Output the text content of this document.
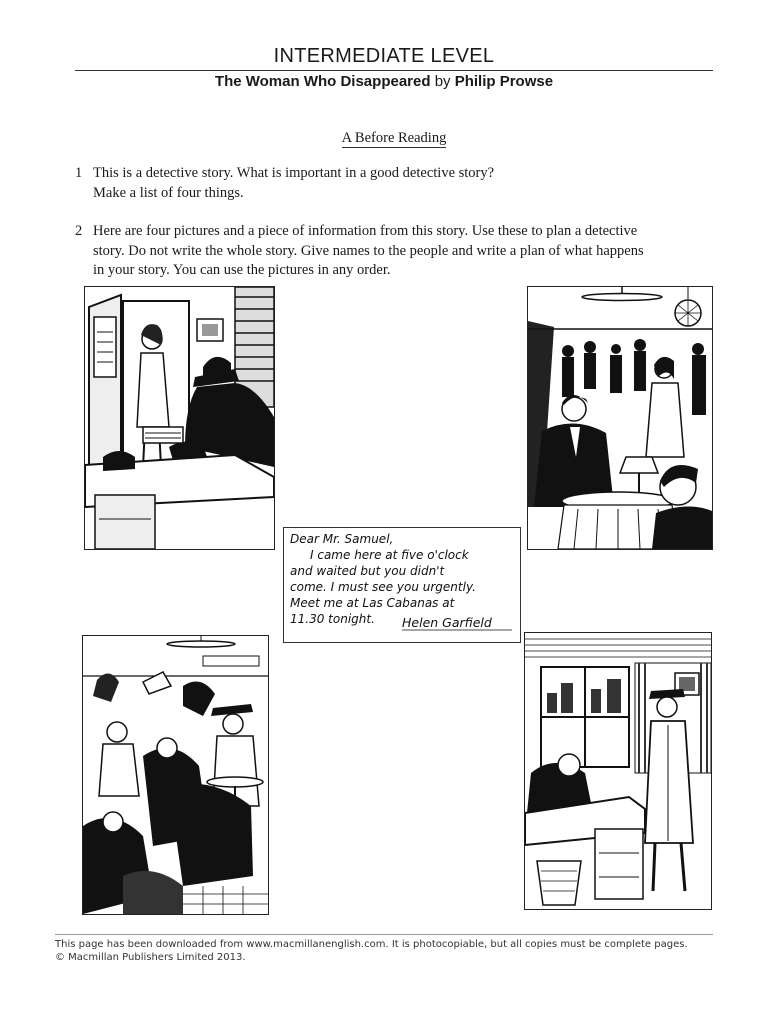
INTERMEDIATE LEVEL
The Woman Who Disappeared by Philip Prowse
A Before Reading
1 This is a detective story. What is important in a good detective story?
Make a list of four things.
2 Here are four pictures and a piece of information from this story. Use these to plan a detective
story. Do not write the whole story. Give names to the people and write a plan of what happens
in your story. You can use the pictures in any order.
Dear Mr. Samuel,
I came here at five o'clock
and waited but you didn't
come. I must see you urgently.
Meet me at Las Cabanas at
11.30 tonight. Helen Garfield
This page has been downloaded from www.macmillanenglish.com. It is photocopiable, but all copies must be complete pages.
© Macmillan Publishers Limited 2013.
